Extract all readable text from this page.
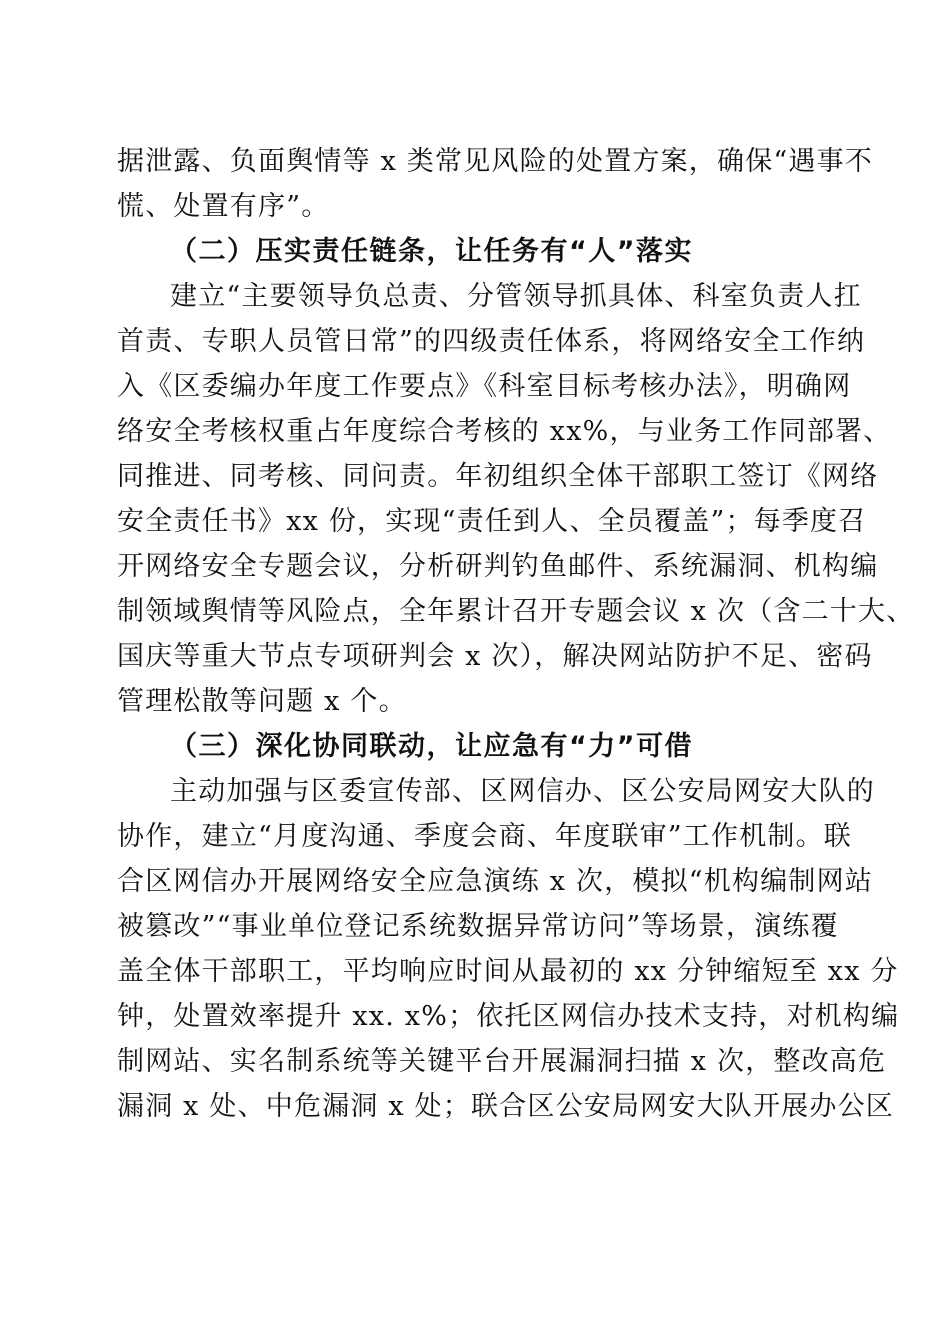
据泄露、负面舆情等 x 类常见风险的处置方案，确保“遇事不
慌、处置有序”。
（二）压实责任链条，让任务有“人”落实
建立“主要领导负总责、分管领导抓具体、科室负责人扛
首责、专职人员管日常”的四级责任体系，将网络安全工作纳
入《区委编办年度工作要点》《科室目标考核办法》，明确网
络安全考核权重占年度综合考核的 xx%，与业务工作同部署、
同推进、同考核、同问责。年初组织全体干部职工签订《网络
安全责任书》xx 份，实现“责任到人、全员覆盖”；每季度召
开网络安全专题会议，分析研判钓鱼邮件、系统漏洞、机构编
制领域舆情等风险点，全年累计召开专题会议 x 次（含二十大、
国庆等重大节点专项研判会 x 次），解决网站防护不足、密码
管理松散等问题 x 个。
（三）深化协同联动，让应急有“力”可借
主动加强与区委宣传部、区网信办、区公安局网安大队的
协作，建立“月度沟通、季度会商、年度联审”工作机制。联
合区网信办开展网络安全应急演练 x 次，模拟“机构编制网站
被篡改”“事业单位登记系统数据异常访问”等场景，演练覆
盖全体干部职工，平均响应时间从最初的 xx 分钟缩短至 xx 分
钟，处置效率提升 xx. x%；依托区网信办技术支持，对机构编
制网站、实名制系统等关键平台开展漏洞扫描 x 次，整改高危
漏洞 x 处、中危漏洞 x 处；联合区公安局网安大队开展办公区
